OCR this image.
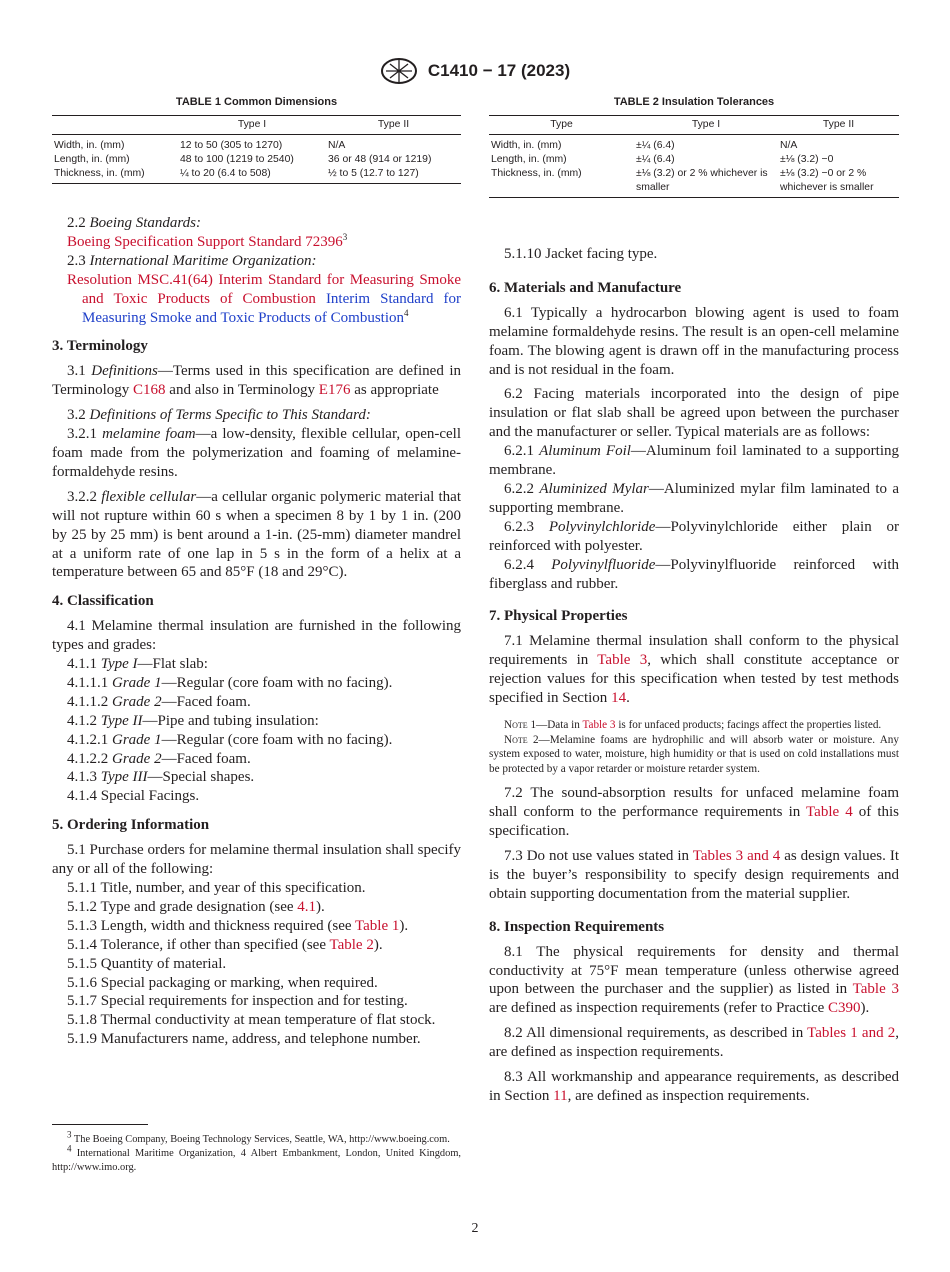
C1410 − 17 (2023)
TABLE 1 Common Dimensions
	Type I	Type II
Width, in. (mm)	12 to 50 (305 to 1270)	N/A
Length, in. (mm)	48 to 100 (1219 to 2540)	36 or 48 (914 or 1219)
Thickness, in. (mm)	¼ to 20 (6.4 to 508)	½ to 5 (12.7 to 127)
TABLE 2 Insulation Tolerances
Type	Type I	Type II
Width, in. (mm)	±¼ (6.4)	N/A
Length, in. (mm)	±¼ (6.4)	±⅛ (3.2) −0
Thickness, in. (mm)	±⅛ (3.2) or 2 % whichever is smaller	±⅛ (3.2) −0 or 2 % whichever is smaller

2.2 Boeing Standards:

Boeing Specification Support Standard 72396$^3$

2.3 International Maritime Organization:

Resolution MSC.41(64) Interim Standard for Measuring Smoke and Toxic Products of Combustion Interim Standard for Measuring Smoke and Toxic Products of Combustion$^4$

3. Terminology

3.1 Definitions—Terms used in this specification are defined in Terminology C168 and also in Terminology E176 as appropriate

3.2 Definitions of Terms Specific to This Standard:

3.2.1 melamine foam—a low-density, flexible cellular, open-cell foam made from the polymerization and foaming of melamine-formaldehyde resins.

3.2.2 flexible cellular—a cellular organic polymeric material that will not rupture within 60 s when a specimen 8 by 1 by 1 in. (200 by 25 by 25 mm) is bent around a 1-in. (25-mm) diameter mandrel at a uniform rate of one lap in 5 s in the form of a helix at a temperature between 65 and 85°F (18 and 29°C).

4. Classification

4.1 Melamine thermal insulation are furnished in the following types and grades:

4.1.1 Type I—Flat slab:

4.1.1.1 Grade 1—Regular (core foam with no facing).

4.1.1.2 Grade 2—Faced foam.

4.1.2 Type II—Pipe and tubing insulation:

4.1.2.1 Grade 1—Regular (core foam with no facing).

4.1.2.2 Grade 2—Faced foam.

4.1.3 Type III—Special shapes.

4.1.4 Special Facings.

5. Ordering Information

5.1 Purchase orders for melamine thermal insulation shall specify any or all of the following:

5.1.1 Title, number, and year of this specification.

5.1.2 Type and grade designation (see 4.1).

5.1.3 Length, width and thickness required (see Table 1).

5.1.4 Tolerance, if other than specified (see Table 2).

5.1.5 Quantity of material.

5.1.6 Special packaging or marking, when required.

5.1.7 Special requirements for inspection and for testing.

5.1.8 Thermal conductivity at mean temperature of flat stock.

5.1.9 Manufacturers name, address, and telephone number.

$^3$ The Boeing Company, Boeing Technology Services, Seattle, WA, http://www.boeing.com.

$^4$ International Maritime Organization, 4 Albert Embankment, London, United Kingdom, http://www.imo.org.

5.1.10 Jacket facing type.

6. Materials and Manufacture

6.1 Typically a hydrocarbon blowing agent is used to foam melamine formaldehyde resins. The result is an open-cell melamine foam. The blowing agent is drawn off in the manufacturing process and is not residual in the foam.

6.2 Facing materials incorporated into the design of pipe insulation or flat slab shall be agreed upon between the purchaser and the manufacturer or seller. Typical materials are as follows:

6.2.1 Aluminum Foil—Aluminum foil laminated to a supporting membrane.

6.2.2 Aluminized Mylar—Aluminized mylar film laminated to a supporting membrane.

6.2.3 Polyvinylchloride—Polyvinylchloride either plain or reinforced with polyester.

6.2.4 Polyvinylfluoride—Polyvinylfluoride reinforced with fiberglass and rubber.

7. Physical Properties

7.1 Melamine thermal insulation shall conform to the physical requirements in Table 3, which shall constitute acceptance or rejection values for this specification when tested by test methods specified in Section 14.

Note 1—Data in Table 3 is for unfaced products; facings affect the properties listed.

Note 2—Melamine foams are hydrophilic and will absorb water or moisture. Any system exposed to water, moisture, high humidity or that is used on cold installations must be protected by a vapor retarder or moisture retarder system.

7.2 The sound-absorption results for unfaced melamine foam shall conform to the performance requirements in Table 4 of this specification.

7.3 Do not use values stated in Tables 3 and 4 as design values. It is the buyer’s responsibility to specify design requirements and obtain supporting documentation from the material supplier.

8. Inspection Requirements

8.1 The physical requirements for density and thermal conductivity at 75°F mean temperature (unless otherwise agreed upon between the purchaser and the supplier) as listed in Table 3 are defined as inspection requirements (refer to Practice C390).

8.2 All dimensional requirements, as described in Tables 1 and 2, are defined as inspection requirements.

8.3 All workmanship and appearance requirements, as described in Section 11, are defined as inspection requirements.

2
